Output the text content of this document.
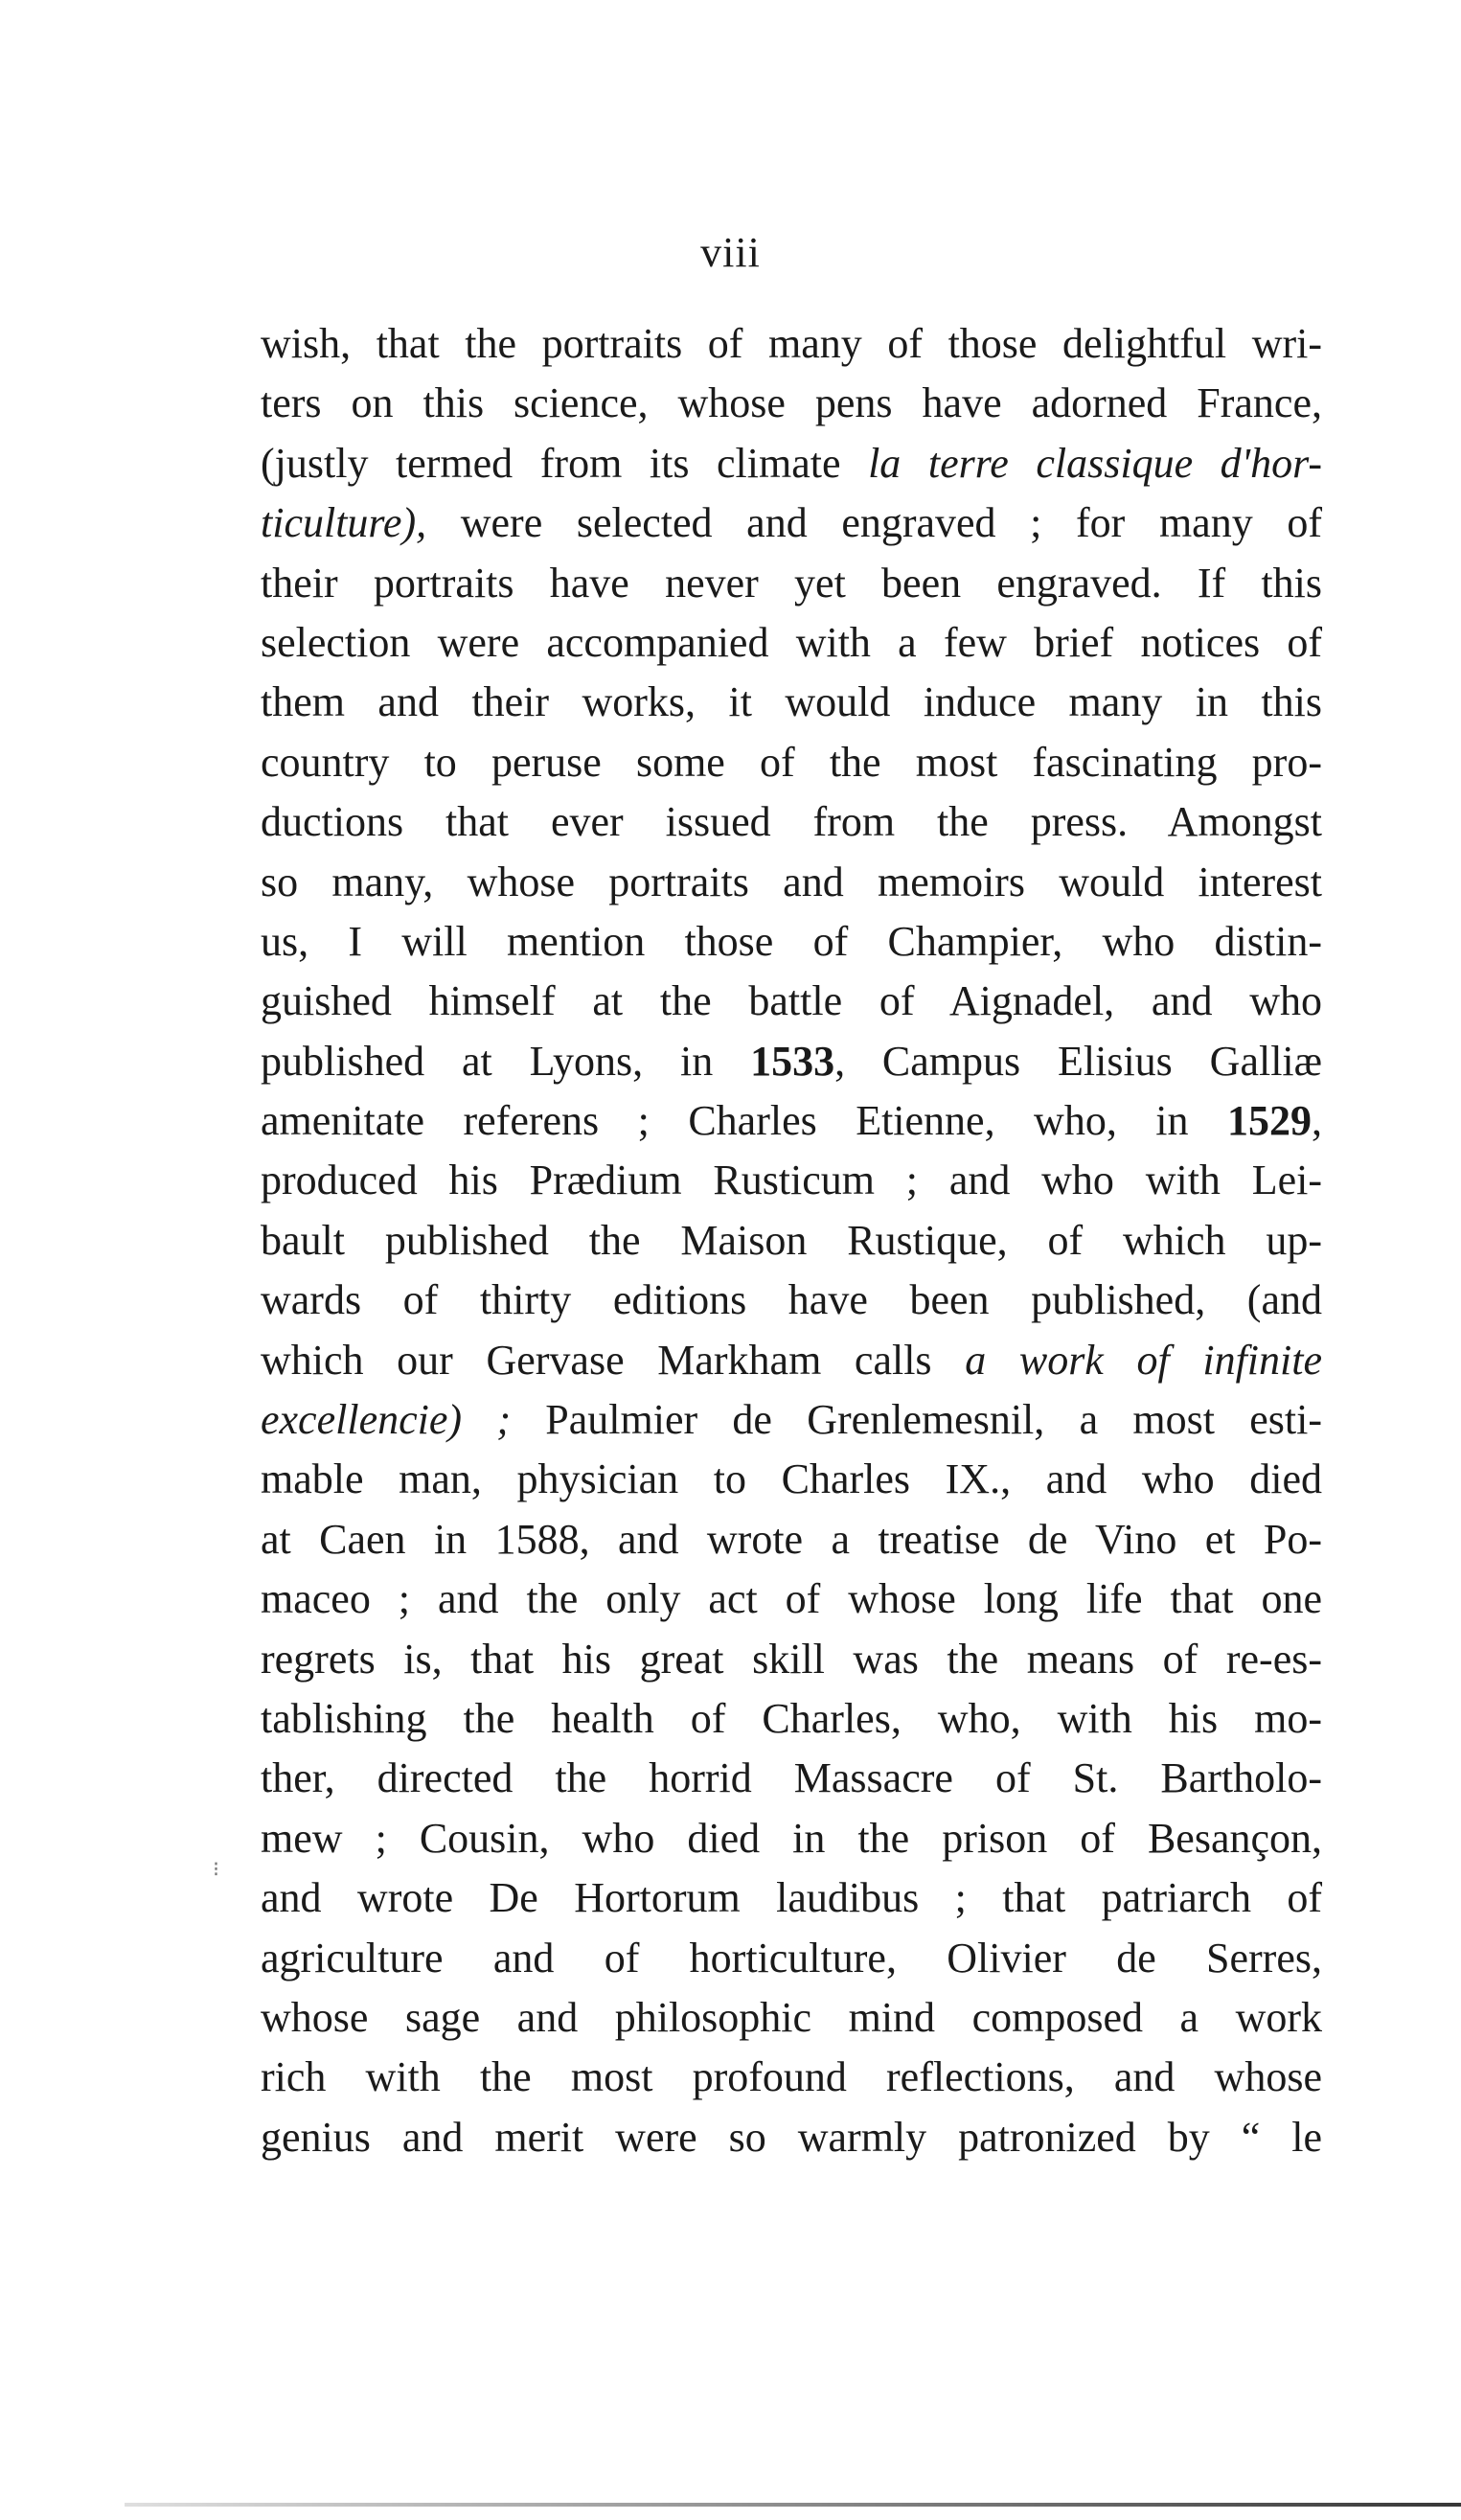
viii
wish, that the portraits of many of those delightful wri-
ters on this science, whose pens have adorned France,
(justly termed from its climate la terre classique d'hor-
ticulture), were selected and engraved ; for many of
their portraits have never yet been engraved. If this
selection were accompanied with a few brief notices of
them and their works, it would induce many in this
country to peruse some of the most fascinating pro-
ductions that ever issued from the press. Amongst
so many, whose portraits and memoirs would interest
us, I will mention those of Champier, who distin-
guished himself at the battle of Aignadel, and who
published at Lyons, in 1533, Campus Elisius Galliæ
amenitate referens ; Charles Etienne, who, in 1529,
produced his Prædium Rusticum ; and who with Lei-
bault published the Maison Rustique, of which up-
wards of thirty editions have been published, (and
which our Gervase Markham calls a work of infinite
excellencie) ; Paulmier de Grenlemesnil, a most esti-
mable man, physician to Charles IX., and who died
at Caen in 1588, and wrote a treatise de Vino et Po-
maceo ; and the only act of whose long life that one
regrets is, that his great skill was the means of re-es-
tablishing the health of Charles, who, with his mo-
ther, directed the horrid Massacre of St. Bartholo-
mew ; Cousin, who died in the prison of Besançon,
and wrote De Hortorum laudibus ; that patriarch of
agriculture and of horticulture, Olivier de Serres,
whose sage and philosophic mind composed a work
rich with the most profound reflections, and whose
genius and merit were so warmly patronized by “ le
⁝
